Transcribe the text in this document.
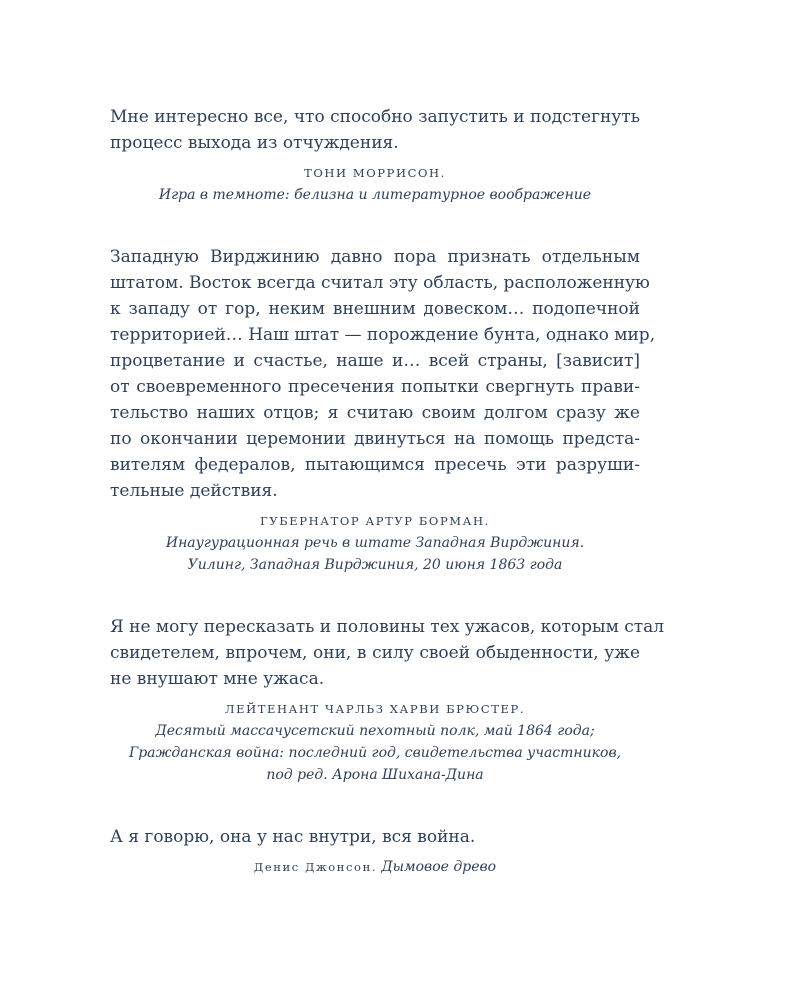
Мне интересно все, что способно запустить и подстегнуть
процесс выхода из отчуждения.

ТОНИ МОРРИСОН.
Игра в темноте: белизна и литературное воображение

Западную Вирджинию давно пора признать отдельным
штатом. Восток всегда считал эту область, расположенную
к западу от гор, неким внешним довеском… подопечной
территорией… Наш штат — порождение бунта, однако мир,
процветание и счастье, наше и… всей страны, [зависит]
от своевременного пресечения попытки свергнуть прави-
тельство наших отцов; я считаю своим долгом сразу же
по окончании церемонии двинуться на помощь предста-
вителям федералов, пытающимся пресечь эти разруши-
тельные действия.

ГУБЕРНАТОР АРТУР БОРМАН.
Инаугурационная речь в штате Западная Вирджиния.
Уилинг, Западная Вирджиния, 20 июня 1863 года

Я не могу пересказать и половины тех ужасов, которым стал
свидетелем, впрочем, они, в силу своей обыденности, уже
не внушают мне ужаса.

ЛЕЙТЕНАНТ ЧАРЛЬЗ ХАРВИ БРЮСТЕР.
Десятый массачусетский пехотный полк, май 1864 года;
Гражданская война: последний год, свидетельства участников,
под ред. Арона Шихана-Дина

А я говорю, она у нас внутри, вся война.

Денис Джонсон. Дымовое древо
